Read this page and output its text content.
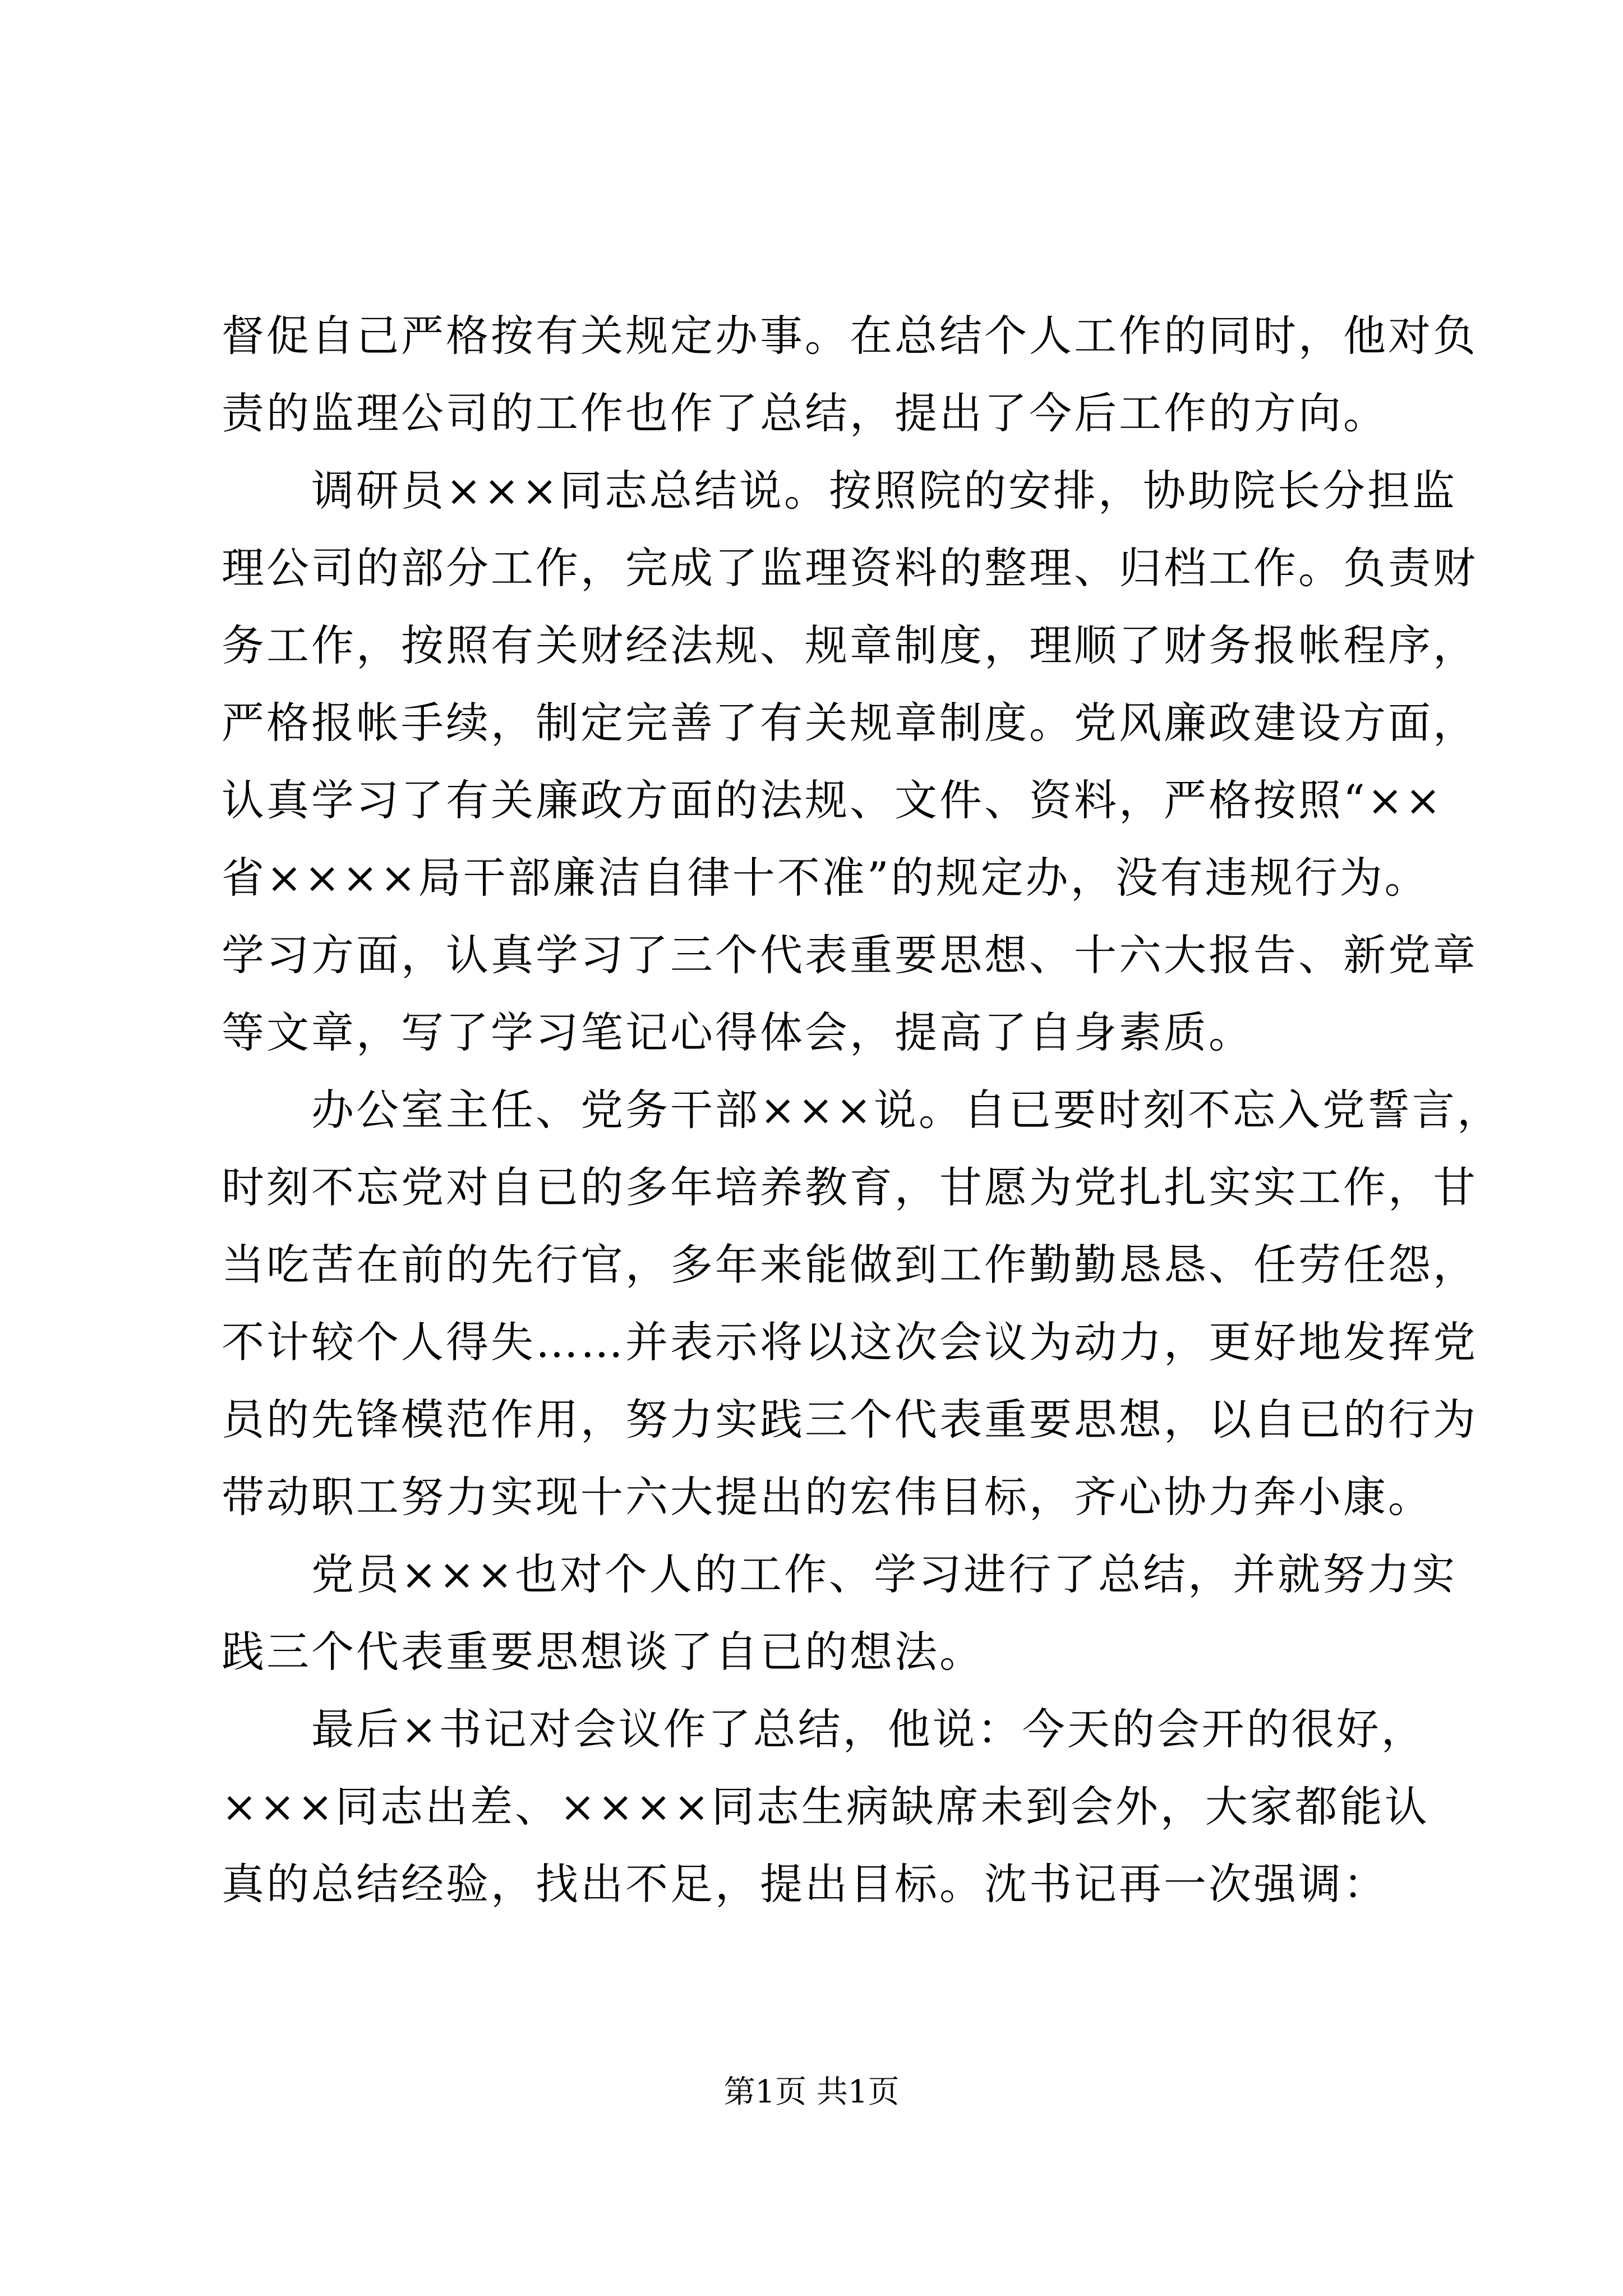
督促自己严格按有关规定办事。在总结个人工作的同时，他对负
责的监理公司的工作也作了总结，提出了今后工作的方向。
　　调研员×××同志总结说。按照院的安排，协助院长分担监
理公司的部分工作，完成了监理资料的整理、归档工作。负责财
务工作，按照有关财经法规、规章制度，理顺了财务报帐程序，
严格报帐手续，制定完善了有关规章制度。党风廉政建设方面，
认真学习了有关廉政方面的法规、文件、资料，严格按照“××
省××××局干部廉洁自律十不准”的规定办，没有违规行为。
学习方面，认真学习了三个代表重要思想、十六大报告、新党章
等文章，写了学习笔记心得体会，提高了自身素质。
　　办公室主任、党务干部×××说。自已要时刻不忘入党誓言，
时刻不忘党对自已的多年培养教育，甘愿为党扎扎实实工作，甘
当吃苦在前的先行官，多年来能做到工作勤勤恳恳、任劳任怨，
不计较个人得失……并表示将以这次会议为动力，更好地发挥党
员的先锋模范作用，努力实践三个代表重要思想，以自已的行为
带动职工努力实现十六大提出的宏伟目标，齐心协力奔小康。
　　党员×××也对个人的工作、学习进行了总结，并就努力实
践三个代表重要思想谈了自已的想法。
　　最后×书记对会议作了总结，他说：今天的会开的很好，
×××同志出差、××××同志生病缺席未到会外，大家都能认
真的总结经验，找出不足，提出目标。沈书记再一次强调：
第1页 共1页
